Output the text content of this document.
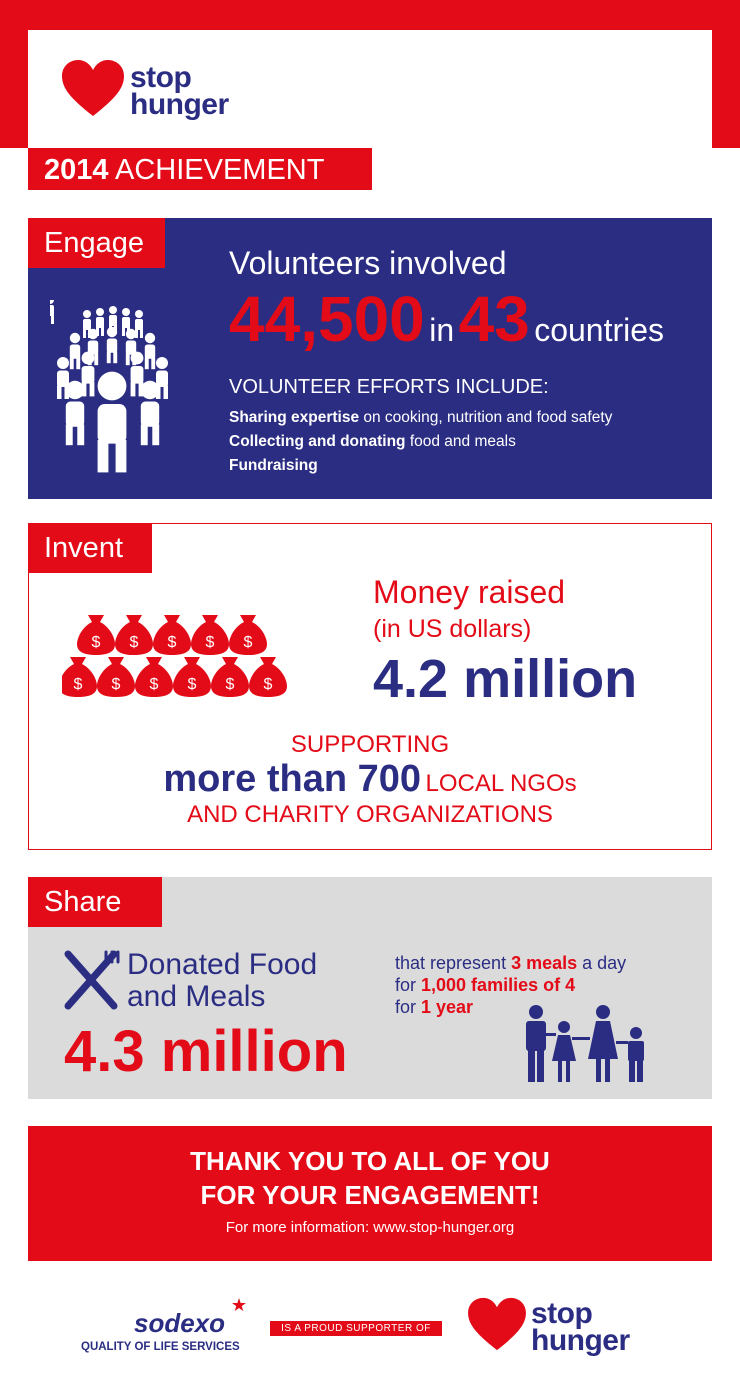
stop
hunger
2014 ACHIEVEMENT
Engage
Volunteers involved
44,500 in 43 countries
VOLUNTEER EFFORTS INCLUDE:
Sharing expertise on cooking, nutrition and food safety
Collecting and donating food and meals
Fundraising
Invent
$ $ $ $ $
$ $ $ $ $ $
Money raised
(in US dollars)
4.2 million
SUPPORTING
more than 700 LOCAL NGOs
AND CHARITY ORGANIZATIONS
Share
Donated Food
and Meals
4.3 million
that represent 3 meals a day
for 1,000 families of 4
for 1 year
THANK YOU TO ALL OF YOU
FOR YOUR ENGAGEMENT!
For more information: www.stop-hunger.org
sodexo
QUALITY OF LIFE SERVICES
IS A PROUD SUPPORTER OF	stop
hunger
